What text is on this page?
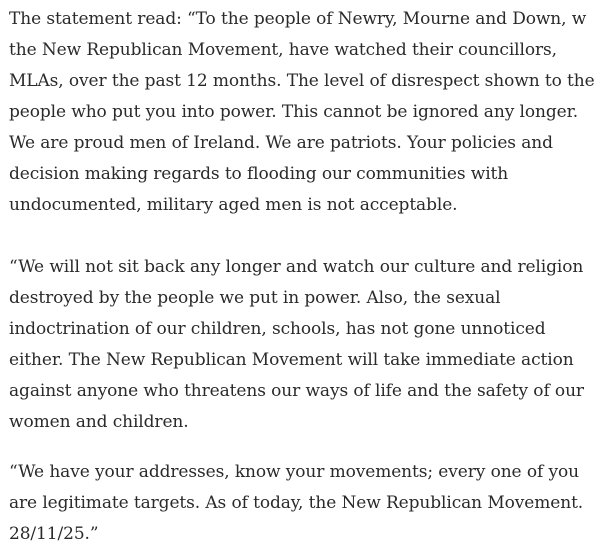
The statement read: “To the people of Newry, Mourne and Down, w
the New Republican Movement, have watched their councillors,
MLAs, over the past 12 months. The level of disrespect shown to the
people who put you into power. This cannot be ignored any longer.
We are proud men of Ireland. We are patriots. Your policies and
decision making regards to flooding our communities with
undocumented, military aged men is not acceptable.

“We will not sit back any longer and watch our culture and religion
destroyed by the people we put in power. Also, the sexual
indoctrination of our children, schools, has not gone unnoticed
either. The New Republican Movement will take immediate action
against anyone who threatens our ways of life and the safety of our
women and children.

“We have your addresses, know your movements; every one of you
are legitimate targets. As of today, the New Republican Movement.
28/11/25.”
